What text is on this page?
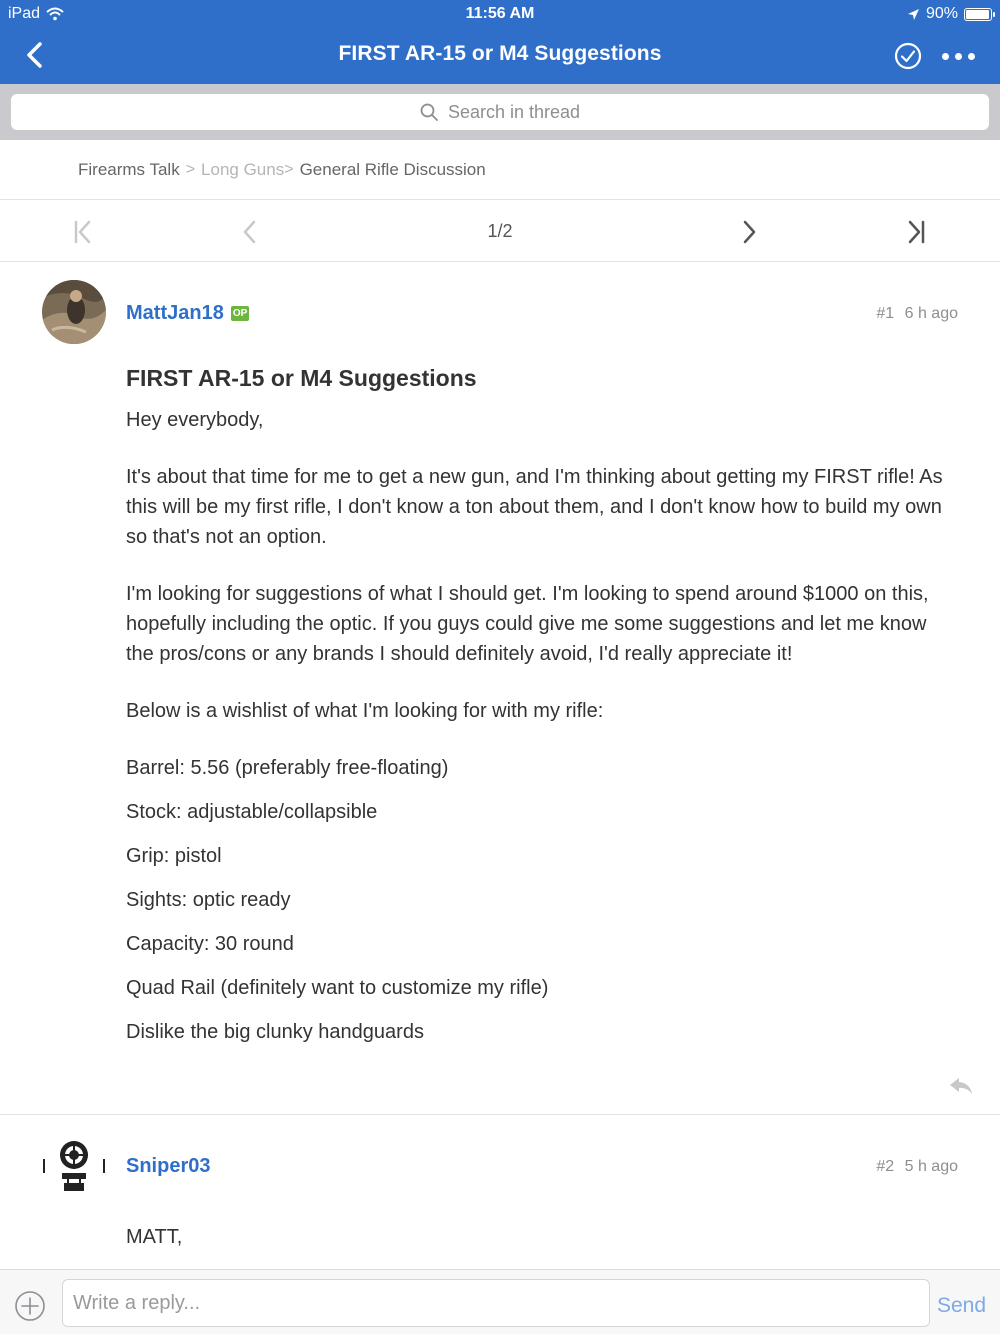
iPad	11:56 AM	90%
FIRST AR-15 or M4 Suggestions
Search in thread
Firearms Talk > Long Guns > General Rifle Discussion
1/2
MattJan18 OP	#1 6 h ago
FIRST AR-15 or M4 Suggestions

Hey everybody,

It's about that time for me to get a new gun, and I'm thinking about getting my FIRST rifle! As this will be my first rifle, I don't know a ton about them, and I don't know how to build my own so that's not an option.

I'm looking for suggestions of what I should get. I'm looking to spend around $1000 on this, hopefully including the optic. If you guys could give me some suggestions and let me know the pros/cons or any brands I should definitely avoid, I'd really appreciate it!

Below is a wishlist of what I'm looking for with my rifle:

Barrel: 5.56 (preferably free-floating)

Stock: adjustable/collapsible

Grip: pistol

Sights: optic ready

Capacity: 30 round

Quad Rail (definitely want to customize my rifle)

Dislike the big clunky handguards

Sniper03	#2 5 h ago

MATT,

Write a reply...	Send
